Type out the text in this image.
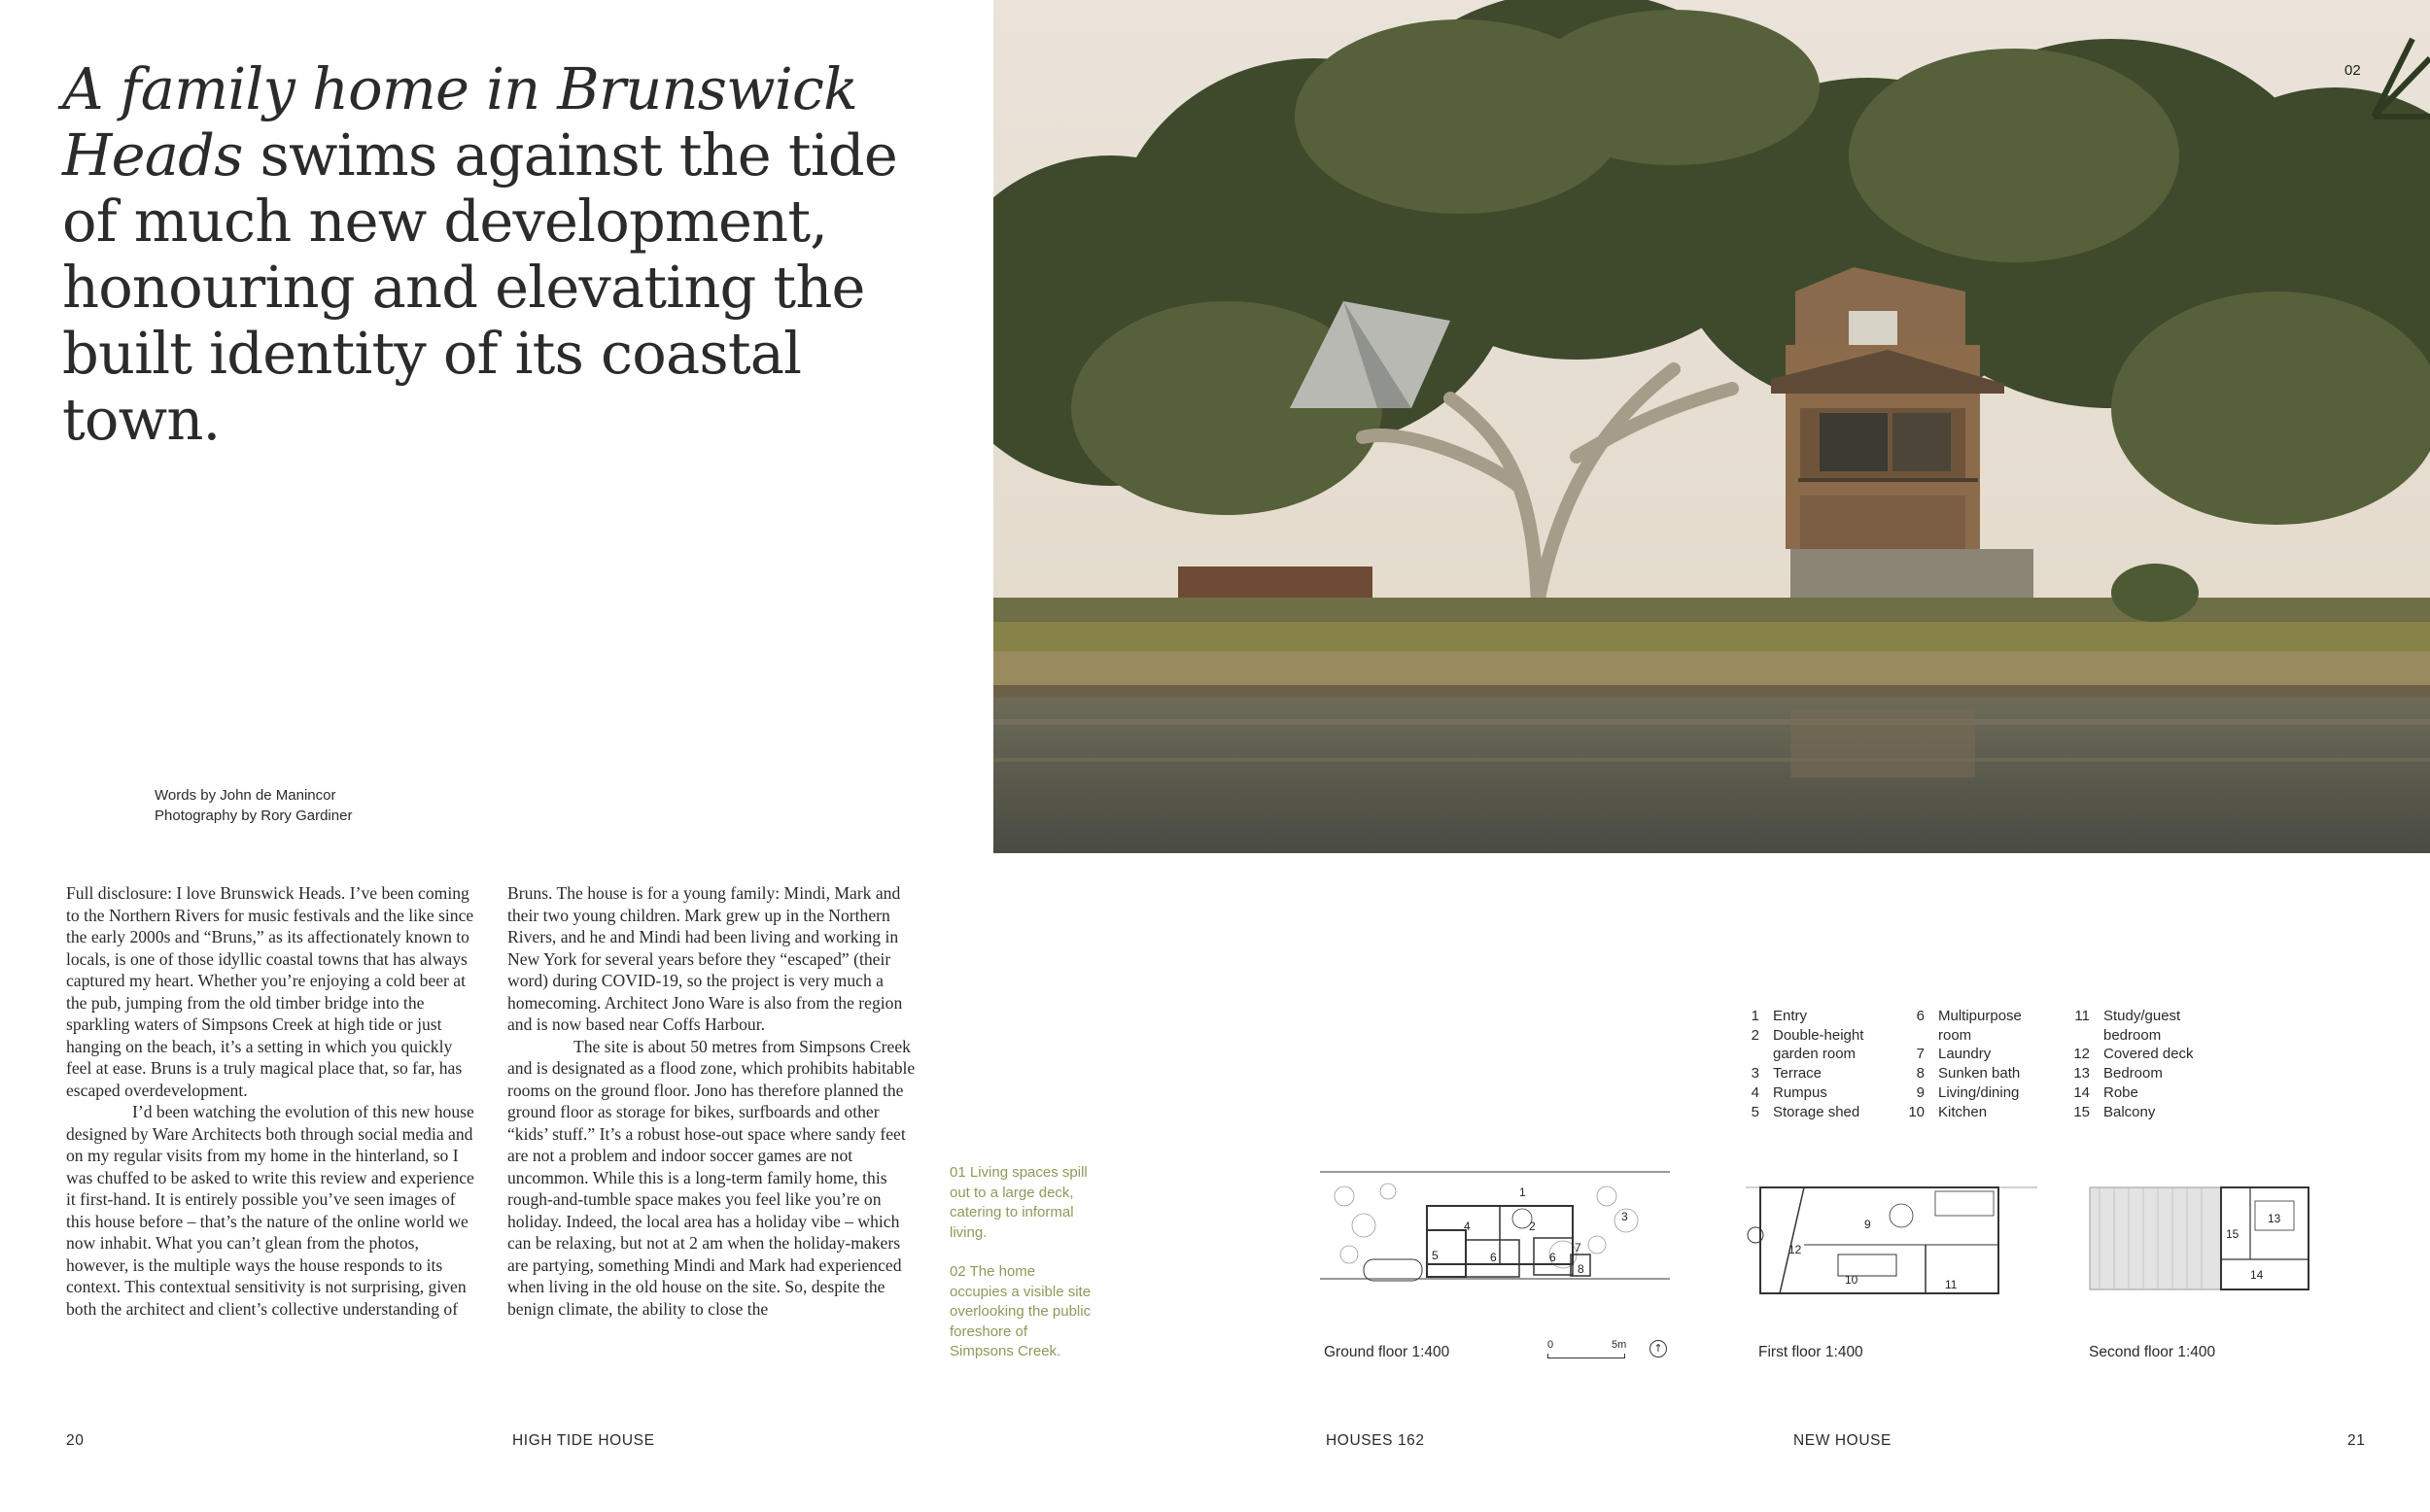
A family home in Brunswick Heads swims against the tide of much new development, honouring and elevating the built identity of its coastal town.
Words by John de Manincor
Photography by Rory Gardiner

Full disclosure: I love Brunswick Heads. I’ve been coming to the Northern Rivers for music festivals and the like since the early 2000s and “Bruns,” as its affectionately known to locals, is one of those idyllic coastal towns that has always captured my heart. Whether you’re enjoying a cold beer at the pub, jumping from the old timber bridge into the sparkling waters of Simpsons Creek at high tide or just hanging on the beach, it’s a setting in which you quickly feel at ease. Bruns is a truly magical place that, so far, has escaped overdevelopment.

I’d been watching the evolution of this new house designed by Ware Architects both through social media and on my regular visits from my home in the hinterland, so I was chuffed to be asked to write this review and experience it first-hand. It is entirely possible you’ve seen images of this house before – that’s the nature of the online world we now inhabit. What you can’t glean from the photos, however, is the multiple ways the house responds to its context. This contextual sensitivity is not surprising, given both the architect and client’s collective understanding of

Bruns. The house is for a young family: Mindi, Mark and their two young children. Mark grew up in the Northern Rivers, and he and Mindi had been living and working in New York for several years before they “escaped” (their word) during COVID-19, so the project is very much a homecoming. Architect Jono Ware is also from the region and is now based near Coffs Harbour.

The site is about 50 metres from Simpsons Creek and is designated as a flood zone, which prohibits habitable rooms on the ground floor. Jono has therefore planned the ground floor as storage for bikes, surfboards and other “kids’ stuff.” It’s a robust hose-out space where sandy feet are not a problem and indoor soccer games are not uncommon. While this is a long-term family home, this rough-and-tumble space makes you feel like you’re on holiday. Indeed, the local area has a holiday vibe – which can be relaxing, but not at 2 am when the holiday-makers are partying, something Mindi and Mark had experienced when living in the old house on the site. So, despite the benign climate, the ability to close the

01 Living spaces spill out to a large deck, catering to informal living.

02 The home occupies a visible site overlooking the public foreshore of Simpsons Creek.

02
1 Entry
2 Double-height garden room
3 Terrace
4 Rumpus
5 Storage shed
6 Multipurpose room
7 Laundry
8 Sunken bath
9 Living/dining
10 Kitchen
11 Study/guest bedroom
12 Covered deck
13 Bedroom
14 Robe
15 Balcony
1
2
3
4
5	6	6
7
8
9
10	11
12
13
14
15
Ground floor 1:400	0	5m	↑	First floor 1:400	Second floor 1:400
20	HIGH TIDE HOUSE	HOUSES 162	NEW HOUSE	21
